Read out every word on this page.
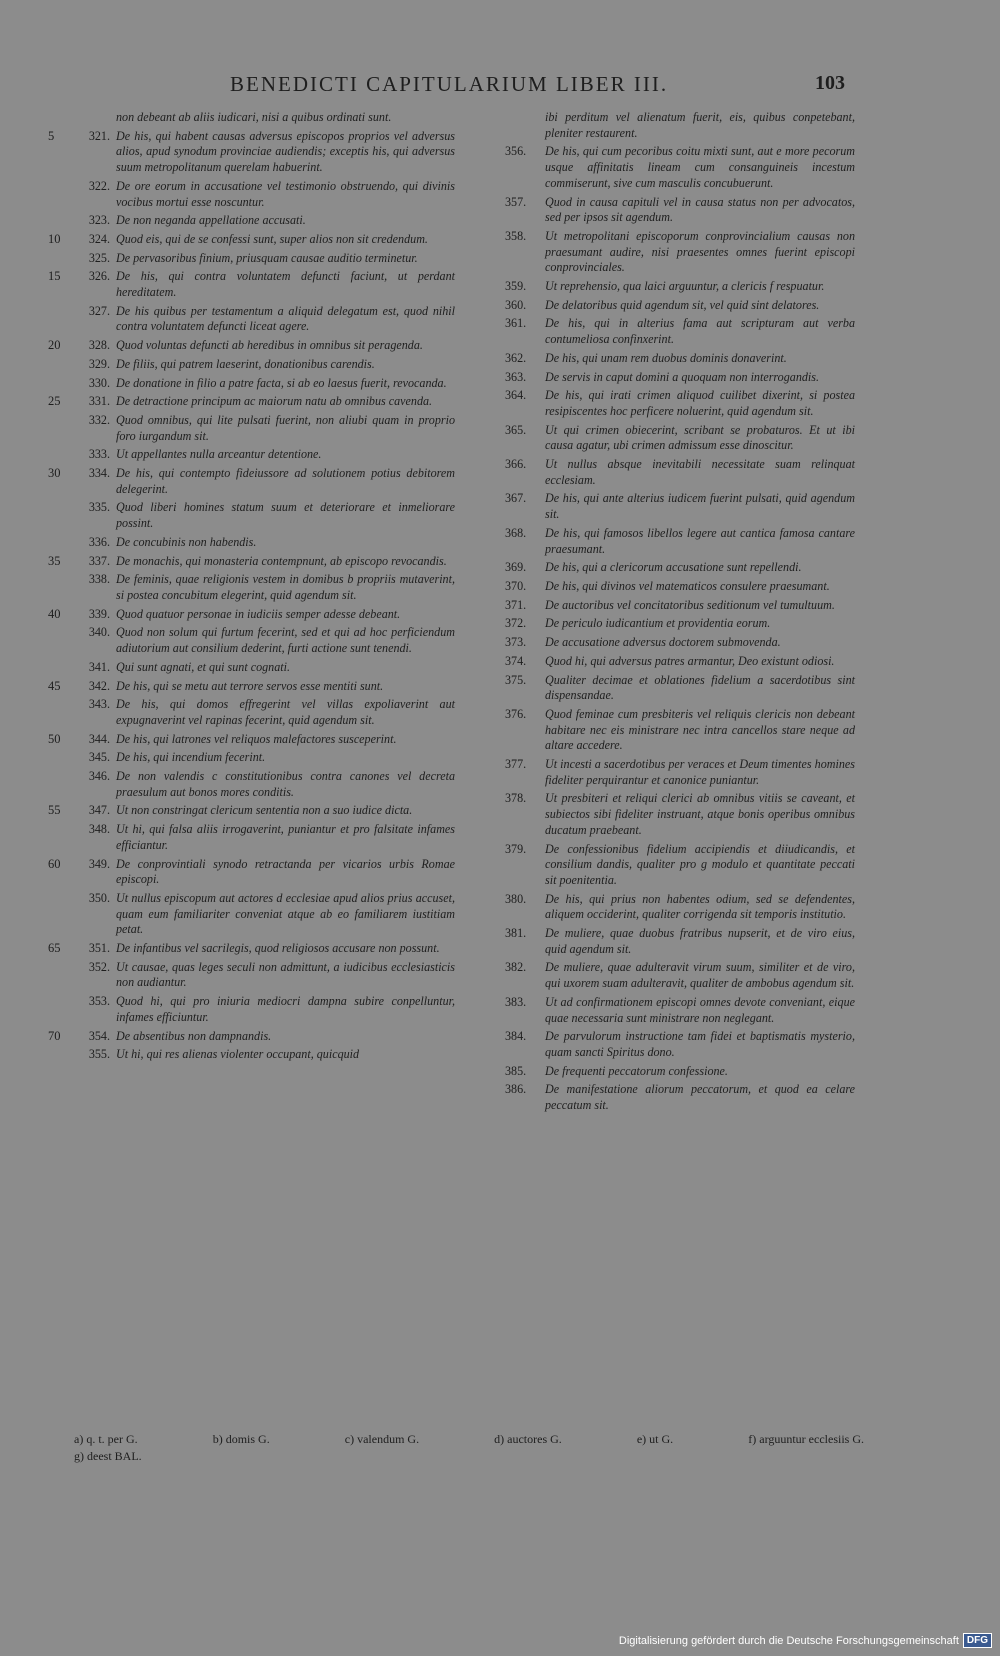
BENEDICTI CAPITULARIUM LIBER III.	103
non debeant ab aliis iudicari, nisi a quibus ordinati sunt.
5	321. De his, qui habent causas adversus episcopos proprios vel adversus alios, apud synodum provinciae audiendis; exceptis his, qui adversus suum metropolitanum querelam habuerint.
322. De ore eorum in accusatione vel testimonio obstruendo, qui divinis vocibus mortui esse noscuntur.
323. De non neganda appellatione accusati.
10	324. Quod eis, qui de se confessi sunt, super alios non sit credendum.
325. De pervasoribus finium, priusquam causae auditio terminetur.
15	326. De his, qui contra voluntatem defuncti faciunt, ut perdant hereditatem.
327. De his quibus per testamentum a aliquid delegatum est, quod nihil contra voluntatem defuncti liceat agere.
20	328. Quod voluntas defuncti ab heredibus in omnibus sit peragenda.
329. De filiis, qui patrem laeserint, donationibus carendis.
330. De donatione in filio a patre facta, si ab eo laesus fuerit, revocanda.
25	331. De detractione principum ac maiorum natu ab omnibus cavenda.
332. Quod omnibus, qui lite pulsati fuerint, non aliubi quam in proprio foro iurgandum sit.
333. Ut appellantes nulla arceantur detentione.
30	334. De his, qui contempto fideiussore ad solutionem potius debitorem delegerint.
335. Quod liberi homines statum suum et deteriorare et inmeliorare possint.
336. De concubinis non habendis.
35	337. De monachis, qui monasteria contempnunt, ab episcopo revocandis.
338. De feminis, quae religionis vestem in domibus b propriis mutaverint, si postea concubitum elegerint, quid agendum sit.
40	339. Quod quatuor personae in iudiciis semper adesse debeant.
340. Quod non solum qui furtum fecerint, sed et qui ad hoc perficiendum adiutorium aut consilium dederint, furti actione sunt tenendi.
341. Qui sunt agnati, et qui sunt cognati.
45	342. De his, qui se metu aut terrore servos esse mentiti sunt.
343. De his, qui domos effregerint vel villas expoliaverint aut expugnaverint vel rapinas fecerint, quid agendum sit.
50	344. De his, qui latrones vel reliquos malefactores susceperint.
345. De his, qui incendium fecerint.
346. De non valendis c constitutionibus contra canones vel decreta praesulum aut bonos mores conditis.
55	347. Ut non constringat clericum sententia non a suo iudice dicta.
348. Ut hi, qui falsa aliis irrogaverint, puniantur et pro falsitate infames efficiantur.
60	349. De conprovintiali synodo retractanda per vicarios urbis Romae episcopi.
350. Ut nullus episcopum aut actores d ecclesiae apud alios prius accuset, quam eum familiariter conveniat atque ab eo familiarem iustitiam petat.
65	351. De infantibus vel sacrilegis, quod religiosos accusare non possunt.
352. Ut causae, quas leges seculi non admittunt, a iudicibus ecclesiasticis non audiantur.
353. Quod hi, qui pro iniuria mediocri dampna subire conpelluntur, infames efficiuntur.
70	354. De absentibus non dampnandis.
355. Ut hi, qui res alienas violenter occupant, quicquid
ibi perditum vel alienatum fuerit, eis, quibus conpetebant, pleniter restaurent.
356.	De his, qui cum pecoribus coitu mixti sunt, aut e more pecorum usque affinitatis lineam cum consanguineis incestum commiserunt, sive cum masculis concubuerunt.
357.	Quod in causa capituli vel in causa status non per advocatos, sed per ipsos sit agendum.
358.	Ut metropolitani episcoporum conprovincialium causas non praesumant audire, nisi praesentes omnes fuerint episcopi conprovinciales.
359.	Ut reprehensio, qua laici arguuntur, a clericis f respuatur.
360.	De delatoribus quid agendum sit, vel quid sint delatores.
361.	De his, qui in alterius fama aut scripturam aut verba contumeliosa confinxerint.
362.	De his, qui unam rem duobus dominis donaverint.
363.	De servis in caput domini a quoquam non interrogandis.
364.	De his, qui irati crimen aliquod cuilibet dixerint, si postea resipiscentes hoc perficere noluerint, quid agendum sit.
365.	Ut qui crimen obiecerint, scribant se probaturos. Et ut ibi causa agatur, ubi crimen admissum esse dinoscitur.
366.	Ut nullus absque inevitabili necessitate suam relinquat ecclesiam.
367.	De his, qui ante alterius iudicem fuerint pulsati, quid agendum sit.
368.	De his, qui famosos libellos legere aut cantica famosa cantare praesumant.
369.	De his, qui a clericorum accusatione sunt repellendi.
370.	De his, qui divinos vel matematicos consulere praesumant.
371.	De auctoribus vel concitatoribus seditionum vel tumultuum.
372.	De periculo iudicantium et providentia eorum.
373.	De accusatione adversus doctorem submovenda.
374.	Quod hi, qui adversus patres armantur, Deo existunt odiosi.
375.	Qualiter decimae et oblationes fidelium a sacerdotibus sint dispensandae.
376.	Quod feminae cum presbiteris vel reliquis clericis non debeant habitare nec eis ministrare nec intra cancellos stare neque ad altare accedere.
377.	Ut incesti a sacerdotibus per veraces et Deum timentes homines fideliter perquirantur et canonice puniantur.
378.	Ut presbiteri et reliqui clerici ab omnibus vitiis se caveant, et subiectos sibi fideliter instruant, atque bonis operibus omnibus ducatum praebeant.
379.	De confessionibus fidelium accipiendis et diiudicandis, et consilium dandis, qualiter pro g modulo et quantitate peccati sit poenitentia.
380.	De his, qui prius non habentes odium, sed se defendentes, aliquem occiderint, qualiter corrigenda sit temporis institutio.
381.	De muliere, quae duobus fratribus nupserit, et de viro eius, quid agendum sit.
382.	De muliere, quae adulteravit virum suum, similiter et de viro, qui uxorem suam adulteravit, qualiter de ambobus agendum sit.
383.	Ut ad confirmationem episcopi omnes devote conveniant, eique quae necessaria sunt ministrare non neglegant.
384.	De parvulorum instructione tam fidei et baptismatis mysterio, quam sancti Spiritus dono.
385.	De frequenti peccatorum confessione.
386.	De manifestatione aliorum peccatorum, et quod ea celare peccatum sit.
a) q. t. per G.	b) domis G.	c) valendum G.	d) auctores G.	e) ut G.	f) arguuntur ecclesiis G.
g) deest BAL.
Digitalisierung gefördert durch die Deutsche Forschungsgemeinschaft DFG
